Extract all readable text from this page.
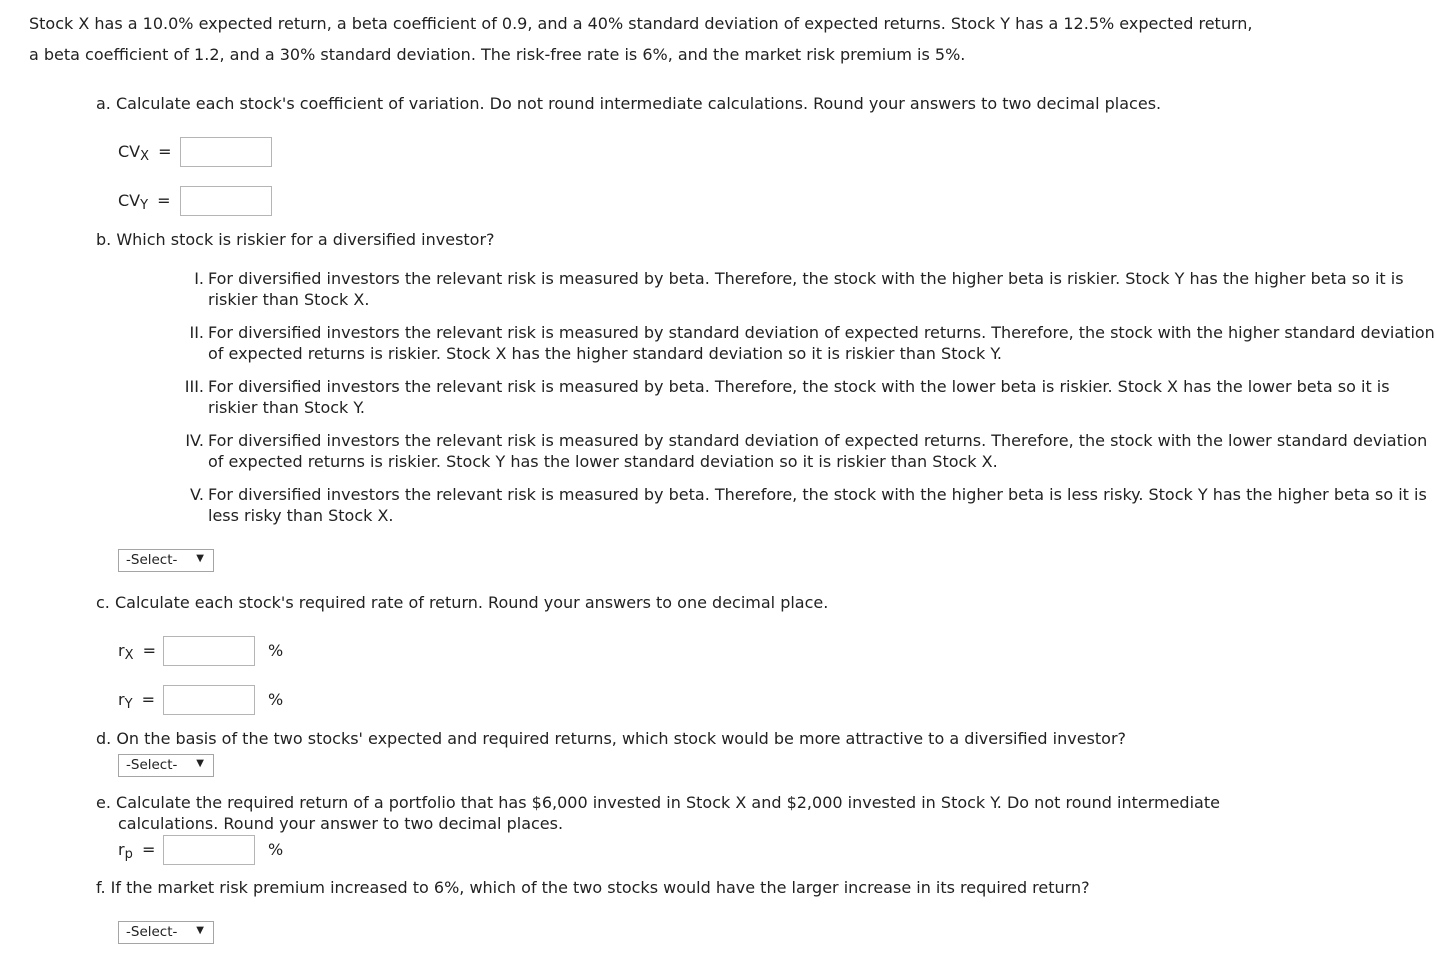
Stock X has a 10.0% expected return, a beta coefficient of 0.9, and a 40% standard deviation of expected returns. Stock Y has a 12.5% expected return,
a beta coefficient of 1.2, and a 30% standard deviation. The risk-free rate is 6%, and the market risk premium is 5%.
a. Calculate each stock's coefficient of variation. Do not round intermediate calculations. Round your answers to two decimal places.
CVX =
CVY =
b. Which stock is riskier for a diversified investor?
I. For diversified investors the relevant risk is measured by beta. Therefore, the stock with the higher beta is riskier. Stock Y has the higher beta so it is riskier than Stock X.
II. For diversified investors the relevant risk is measured by standard deviation of expected returns. Therefore, the stock with the higher standard deviation of expected returns is riskier. Stock X has the higher standard deviation so it is riskier than Stock Y.
III. For diversified investors the relevant risk is measured by beta. Therefore, the stock with the lower beta is riskier. Stock X has the lower beta so it is riskier than Stock Y.
IV. For diversified investors the relevant risk is measured by standard deviation of expected returns. Therefore, the stock with the lower standard deviation of expected returns is riskier. Stock Y has the lower standard deviation so it is riskier than Stock X.
V. For diversified investors the relevant risk is measured by beta. Therefore, the stock with the higher beta is less risky. Stock Y has the higher beta so it is less risky than Stock X.
-Select- ▼
c. Calculate each stock's required rate of return. Round your answers to one decimal place.
rX =	%
rY =	%
d. On the basis of the two stocks' expected and required returns, which stock would be more attractive to a diversified investor?
-Select- ▼
e. Calculate the required return of a portfolio that has $6,000 invested in Stock X and $2,000 invested in Stock Y. Do not round intermediate
calculations. Round your answer to two decimal places.
rp =	%
f. If the market risk premium increased to 6%, which of the two stocks would have the larger increase in its required return?
-Select- ▼
